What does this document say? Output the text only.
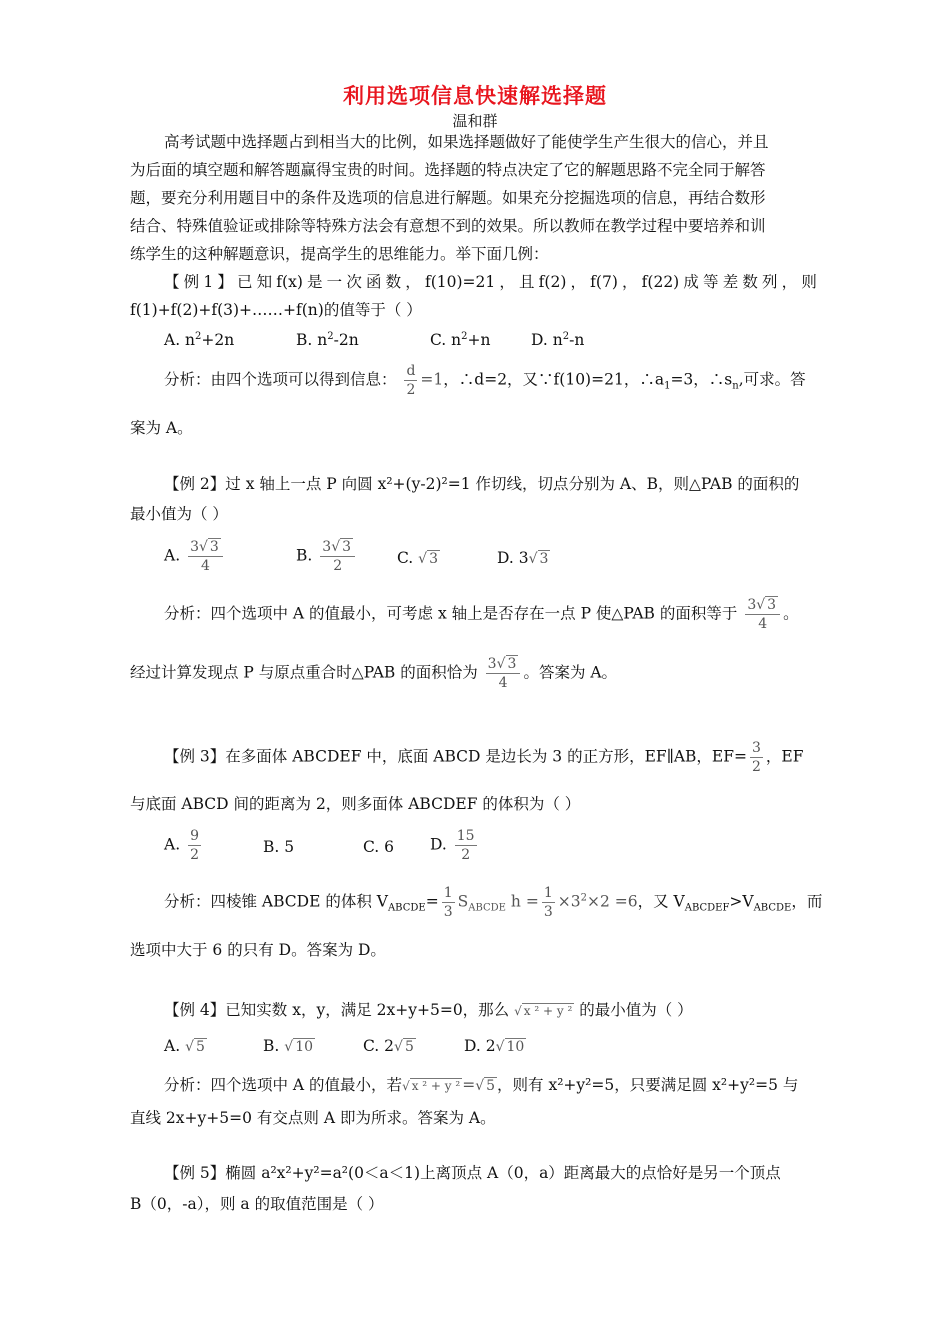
利用选项信息快速解选择题
温和群
高考试题中选择题占到相当大的比例，如果选择题做好了能使学生产生很大的信心，并且
为后面的填空题和解答题赢得宝贵的时间。选择题的特点决定了它的解题思路不完全同于解答
题，要充分利用题目中的条件及选项的信息进行解题。如果充分挖掘选项的信息，再结合数形
结合、特殊值验证或排除等特殊方法会有意想不到的效果。所以教师在教学过程中要培养和训
练学生的这种解题意识，提高学生的思维能力。举下面几例：
【 例 1 】 已 知 f(x) 是 一 次 函 数 ， f(10)=21 ， 且 f(2) ， f(7) ， f(22) 成 等 差 数 列 ， 则
f(1)+f(2)+f(3)+……+f(n)的值等于（ ）
A. $n^2+2n$	B. $n^2-2n$	C. $n^2+n$	D. $n^2-n$
分析：由四个选项可以得到信息： $\frac{d}{2} =1$，∴d=2，又∵f(10)=21，$\therefore a_1=3$，$\therefore s_n$,可求。答
案为 A。
【例 2】过 x 轴上一点 P 向圆 x²+(y-2)²=1 作切线，切点分别为 A、B，则△PAB 的面积的
最小值为（ ）
A. $\frac{3√ 3}{4}$	B. $\frac{3√ 3}{2}$	C. √ 3	D. 3√ 3
分析：四个选项中 A 的值最小，可考虑 x 轴上是否存在一点 P 使△PAB 的面积等于 $\frac{3√ 3}{4}$ 。
经过计算发现点 P 与原点重合时△PAB 的面积恰为 $\frac{3√ 3}{4}$ 。答案为 A。
【例 3】在多面体 ABCDEF 中，底面 ABCD 是边长为 3 的正方形，EF∥AB，$EF= \frac{3}{2}$ ，EF
与底面 ABCD 间的距离为 2，则多面体 ABCDEF 的体积为（ ）
A. $\frac{9}{2}$	B. 5	C. 6 D. $\frac{15}{2}$
分析：四棱锥 ABCDE 的体积 $V_{ABCDE}= \frac{1}{3} S_{ABCDE}$ $h = \frac{1}{3} \times 3^2\times 2 =6$，又 $V_{ABCDEF}>V_{ABCDE}$，而
选项中大于 6 的只有 D。答案为 D。
【例 4】已知实数 x，y，满足 2x+y+5=0，那么 √ x ² + y ² 的最小值为（ ）
A. √ 5	B. √ 10	C. 2√ 5	D. 2√ 10
分析：四个选项中 A 的值最小，若√ x ² + y ² =√ 5 ，则有 x²+y²=5，只要满足圆 x²+y²=5 与
直线 2x+y+5=0 有交点则 A 即为所求。答案为 A。
【例 5】椭圆 a²x²+y²=a²(0＜a＜1)上离顶点 A（0，a）距离最大的点恰好是另一个顶点
B（0，-a），则 a 的取值范围是（ ）
